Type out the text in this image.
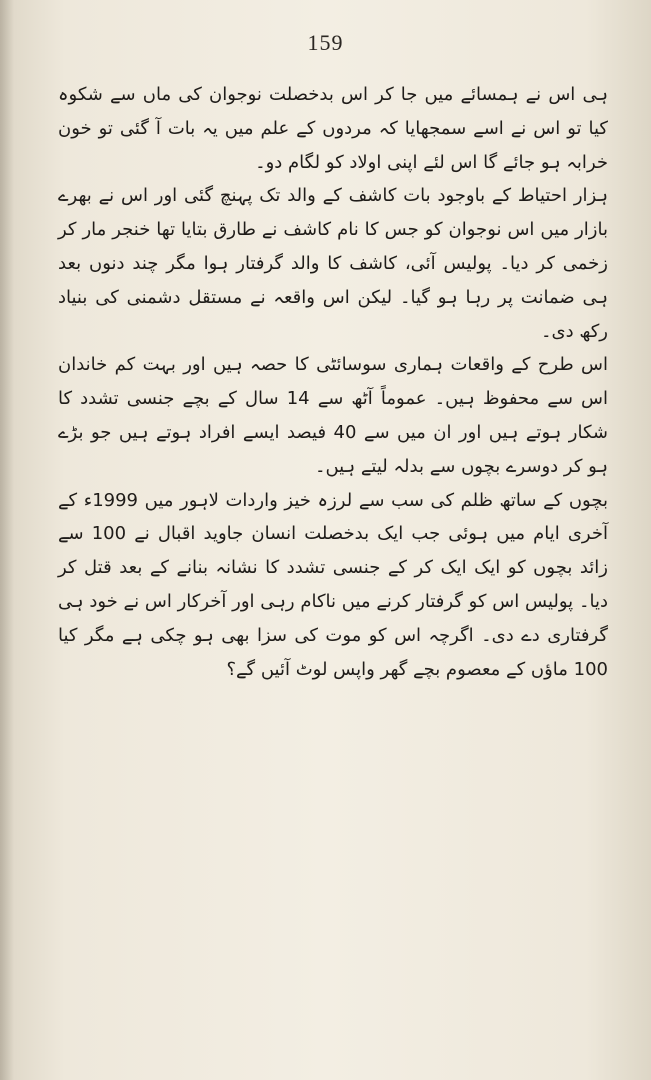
159

ہی اس نے ہمسائے میں جا کر اس بدخصلت نوجوان کی ماں سے شکوہ کیا تو اس نے اسے سمجھایا کہ مردوں کے علم میں یہ بات آ گئی تو خون خرابہ ہو جائے گا اس لئے اپنی اولاد کو لگام دو۔

ہزار احتیاط کے باوجود بات کاشف کے والد تک پہنچ گئی اور اس نے بھرے بازار میں اس نوجوان کو جس کا نام کاشف نے طارق بتایا تھا خنجر مار کر زخمی کر دیا۔ پولیس آئی، کاشف کا والد گرفتار ہوا مگر چند دنوں بعد ہی ضمانت پر رہا ہو گیا۔ لیکن اس واقعہ نے مستقل دشمنی کی بنیاد رکھ دی۔

اس طرح کے واقعات ہماری سوسائٹی کا حصہ ہیں اور بہت کم خاندان اس سے محفوظ ہیں۔ عموماً آٹھ سے 14 سال کے بچے جنسی تشدد کا شکار ہوتے ہیں اور ان میں سے 40 فیصد ایسے افراد ہوتے ہیں جو بڑے ہو کر دوسرے بچوں سے بدلہ لیتے ہیں۔

بچوں کے ساتھ ظلم کی سب سے لرزہ خیز واردات لاہور میں 1999ء کے آخری ایام میں ہوئی جب ایک بدخصلت انسان جاوید اقبال نے 100 سے زائد بچوں کو ایک ایک کر کے جنسی تشدد کا نشانہ بنانے کے بعد قتل کر دیا۔ پولیس اس کو گرفتار کرنے میں ناکام رہی اور آخرکار اس نے خود ہی گرفتاری دے دی۔ اگرچہ اس کو موت کی سزا بھی ہو چکی ہے مگر کیا 100 ماؤں کے معصوم بچے گھر واپس لوٹ آئیں گے؟
